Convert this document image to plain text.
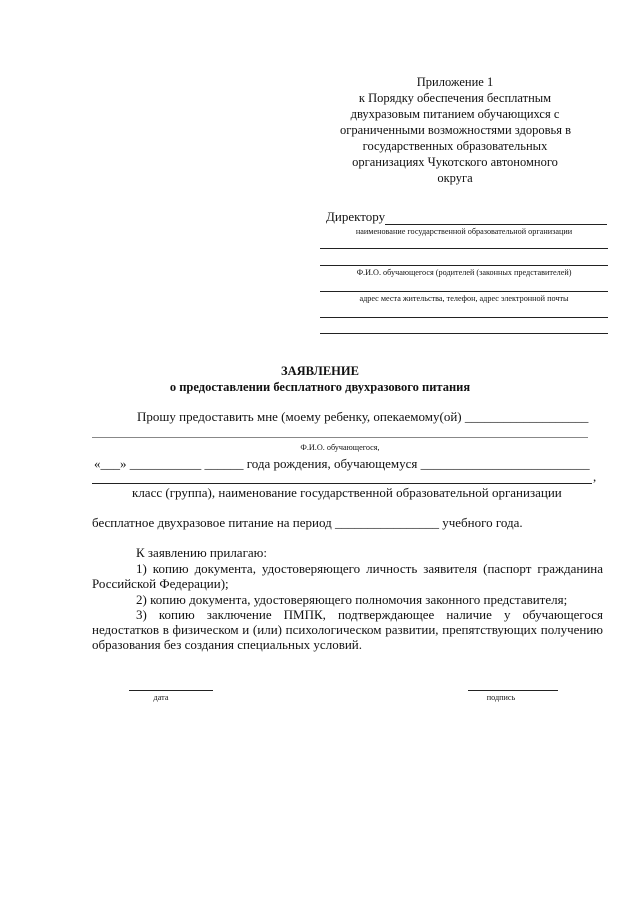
Приложение 1
к Порядку обеспечения бесплатным
двухразовым питанием обучающихся с
ограниченными возможностями здоровья в
государственных образовательных
организациях Чукотского автономного
округа
Директору
наименование государственной образовательной организации
Ф.И.О. обучающегося (родителей (законных представителей)
адрес места жительства, телефон, адрес электронной почты
ЗАЯВЛЕНИЕ
о предоставлении бесплатного двухразового питания
Прошу предоставить мне (моему ребенку, опекаемому(ой) ___________________
Ф.И.О. обучающегося,
«___» ___________ ______ года рождения, обучающемуся __________________________
,
класс (группа), наименование государственной образовательной организации
бесплатное двухразовое питание на период ________________ учебного года.
К заявлению прилагаю:
1) копию документа, удостоверяющего личность заявителя (паспорт гражданина
Российской Федерации);
2) копию документа, удостоверяющего полномочия законного представителя;
3) копию заключение ПМПК, подтверждающее наличие у обучающегося
недостатков в физическом и (или) психологическом развитии, препятствующих получению
образования без создания специальных условий.
дата	подпись
